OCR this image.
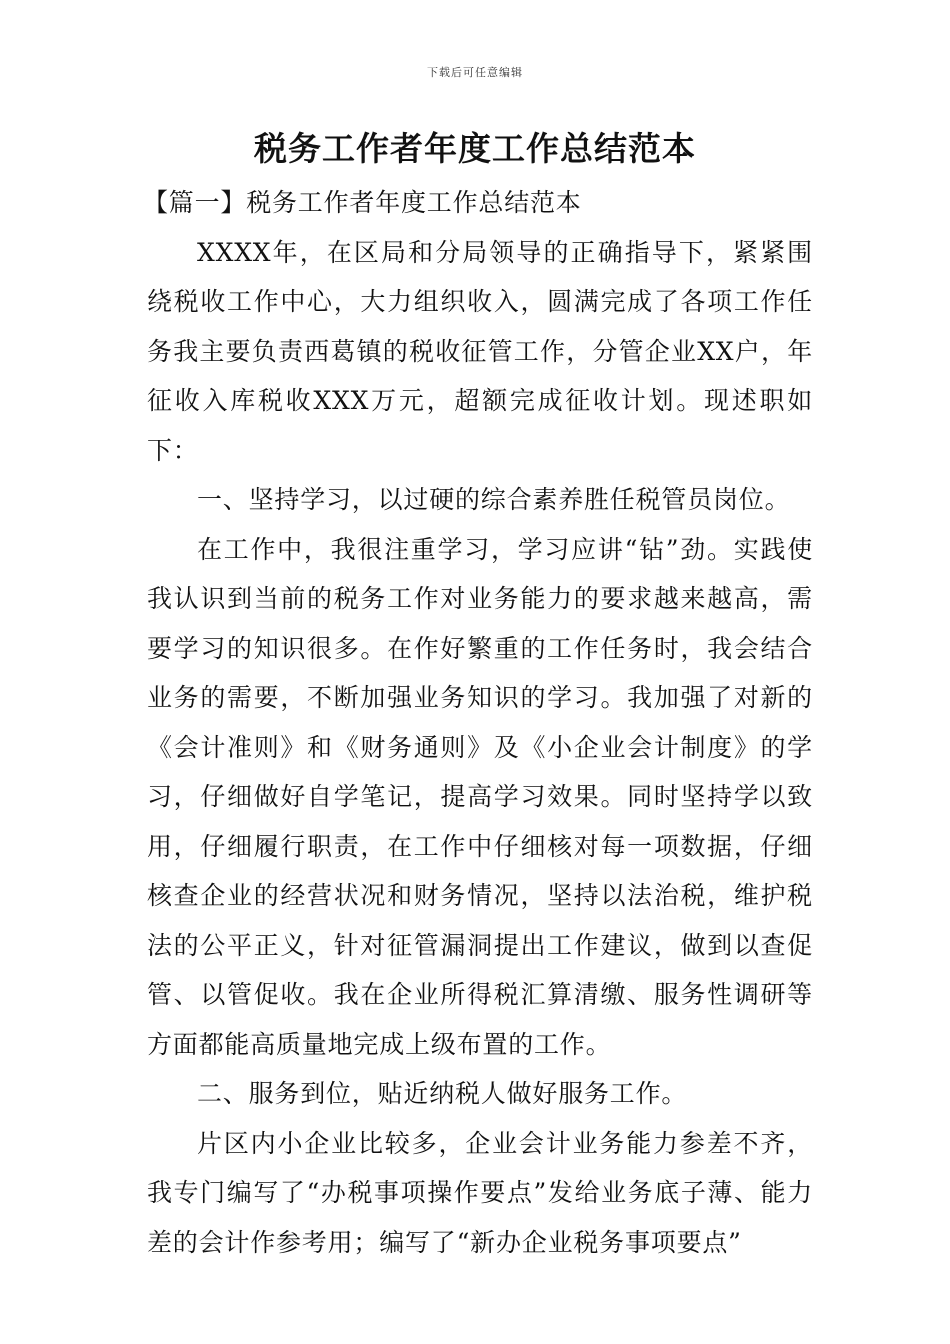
下载后可任意编辑
税务工作者年度工作总结范本

【篇一】税务工作者年度工作总结范本

XXXX年，在区局和分局领导的正确指导下，紧紧围绕税收工作中心，大力组织收入，圆满完成了各项工作任务我主要负责西葛镇的税收征管工作，分管企业XX户，年征收入库税收XXX万元，超额完成征收计划。现述职如下：

一、坚持学习，以过硬的综合素养胜任税管员岗位。

在工作中，我很注重学习，学习应讲“钻”劲。实践使我认识到当前的税务工作对业务能力的要求越来越高，需要学习的知识很多。在作好繁重的工作任务时，我会结合业务的需要，不断加强业务知识的学习。我加强了对新的《会计准则》和《财务通则》及《小企业会计制度》的学习，仔细做好自学笔记，提高学习效果。同时坚持学以致用，仔细履行职责，在工作中仔细核对每一项数据，仔细核查企业的经营状况和财务情况，坚持以法治税，维护税法的公平正义，针对征管漏洞提出工作建议，做到以查促管、以管促收。我在企业所得税汇算清缴、服务性调研等方面都能高质量地完成上级布置的工作。

二、服务到位，贴近纳税人做好服务工作。

片区内小企业比较多，企业会计业务能力参差不齐，我专门编写了“办税事项操作要点”发给业务底子薄、能力差的会计作参考用；编写了“新办企业税务事项要点”
